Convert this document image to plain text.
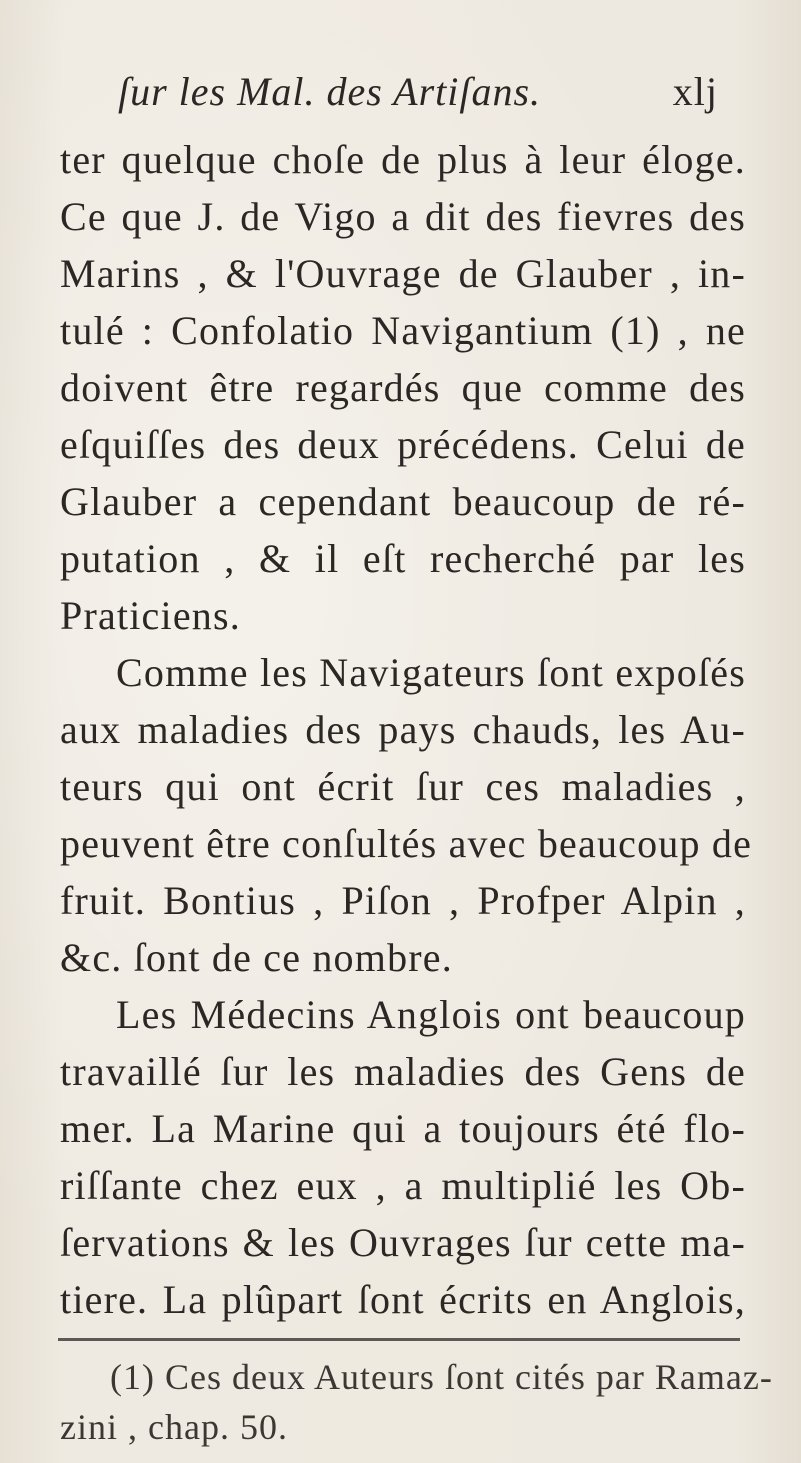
ſur les Mal. des Artiſans.	xlj
ter quelque choſe de plus à leur éloge.
Ce que J. de Vigo a dit des fievres des
Marins , & l'Ouvrage de Glauber , in-
tulé : Confolatio Navigantium (1) , ne
doivent être regardés que comme des
eſquiſſes des deux précédens. Celui de
Glauber a cependant beaucoup de ré-
putation , & il eſt recherché par les
Praticiens.
Comme les Navigateurs ſont expoſés
aux maladies des pays chauds, les Au-
teurs qui ont écrit ſur ces maladies ,
peuvent être conſultés avec beaucoup de
fruit. Bontius , Piſon , Profper Alpin ,
&c. ſont de ce nombre.
Les Médecins Anglois ont beaucoup
travaillé ſur les maladies des Gens de
mer. La Marine qui a toujours été flo-
riſſante chez eux , a multiplié les Ob-
ſervations & les Ouvrages ſur cette ma-
tiere. La plûpart ſont écrits en Anglois,
(1) Ces deux Auteurs ſont cités par Ramaz-
zini , chap. 50.
